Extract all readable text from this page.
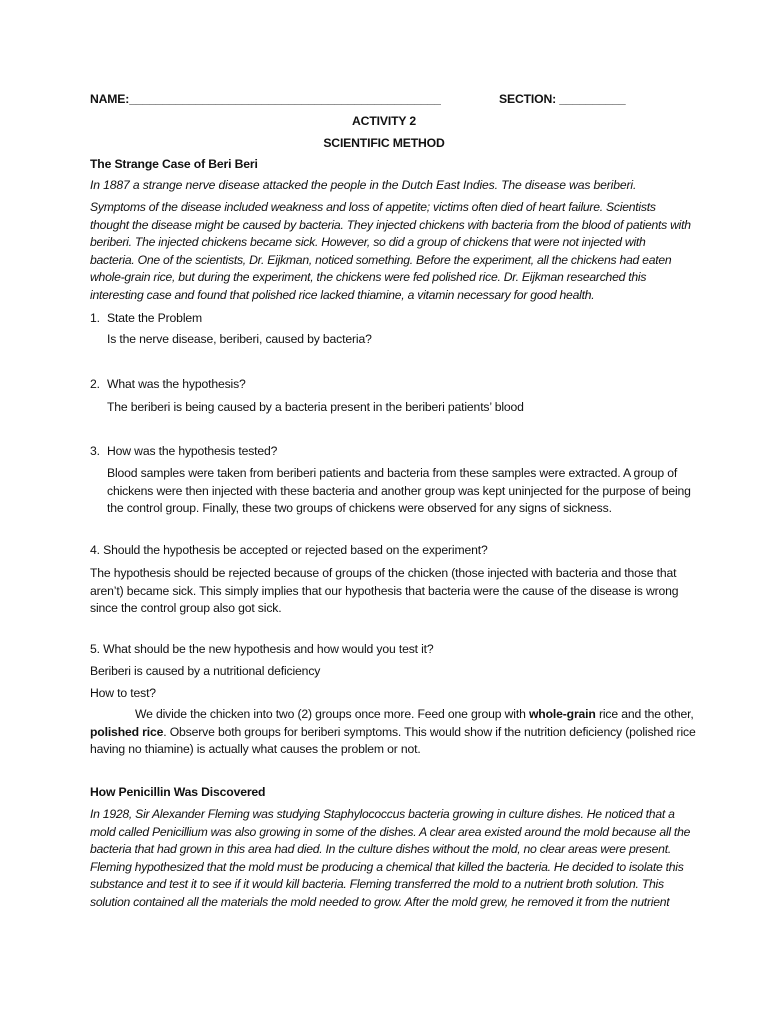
NAME:_______________________________________________	SECTION: __________
ACTIVITY 2
SCIENTIFIC METHOD
The Strange Case of Beri Beri
In 1887 a strange nerve disease attacked the people in the Dutch East Indies. The disease was beriberi.
Symptoms of the disease included weakness and loss of appetite; victims often died of heart failure. Scientists
thought the disease might be caused by bacteria. They injected chickens with bacteria from the blood of patients with
beriberi. The injected chickens became sick. However, so did a group of chickens that were not injected with
bacteria. One of the scientists, Dr. Eijkman, noticed something. Before the experiment, all the chickens had eaten
whole-grain rice, but during the experiment, the chickens were fed polished rice. Dr. Eijkman researched this
interesting case and found that polished rice lacked thiamine, a vitamin necessary for good health.
1. State the Problem
Is the nerve disease, beriberi, caused by bacteria?
2. What was the hypothesis?
The beriberi is being caused by a bacteria present in the beriberi patients’ blood
3. How was the hypothesis tested?
Blood samples were taken from beriberi patients and bacteria from these samples were extracted. A group of
chickens were then injected with these bacteria and another group was kept uninjected for the purpose of being
the control group. Finally, these two groups of chickens were observed for any signs of sickness.
4. Should the hypothesis be accepted or rejected based on the experiment?
The hypothesis should be rejected because of groups of the chicken (those injected with bacteria and those that
aren’t) became sick. This simply implies that our hypothesis that bacteria were the cause of the disease is wrong
since the control group also got sick.
5. What should be the new hypothesis and how would you test it?
Beriberi is caused by a nutritional deficiency
How to test?
We divide the chicken into two (2) groups once more. Feed one group with whole-grain rice and the other,
polished rice. Observe both groups for beriberi symptoms. This would show if the nutrition deficiency (polished rice
having no thiamine) is actually what causes the problem or not.
How Penicillin Was Discovered
In 1928, Sir Alexander Fleming was studying Staphylococcus bacteria growing in culture dishes. He noticed that a
mold called Penicillium was also growing in some of the dishes. A clear area existed around the mold because all the
bacteria that had grown in this area had died. In the culture dishes without the mold, no clear areas were present.
Fleming hypothesized that the mold must be producing a chemical that killed the bacteria. He decided to isolate this
substance and test it to see if it would kill bacteria. Fleming transferred the mold to a nutrient broth solution. This
solution contained all the materials the mold needed to grow. After the mold grew, he removed it from the nutrient
